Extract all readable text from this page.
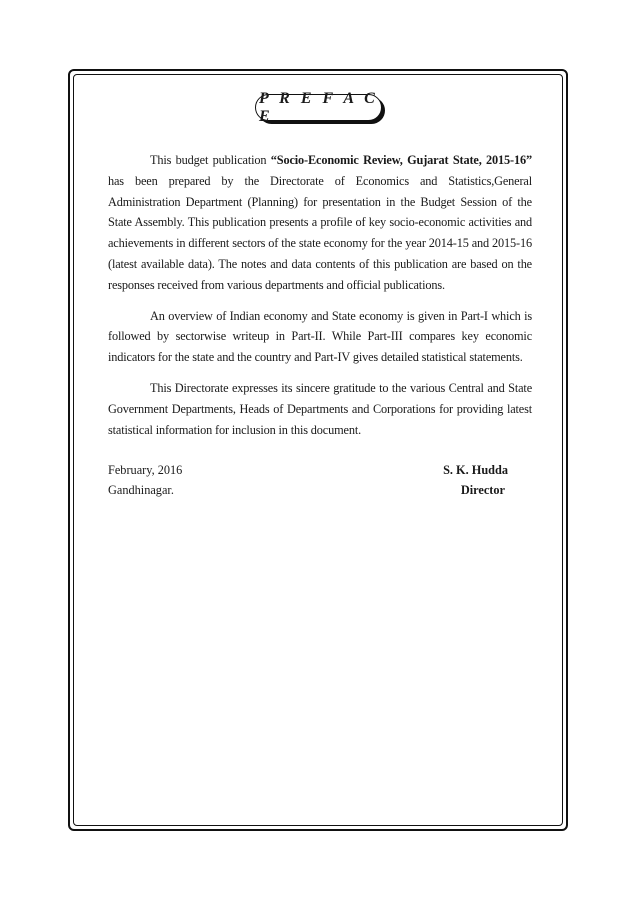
P R E F A C E

This budget publication “Socio-Economic Review, Gujarat State, 2015-16” has been prepared by the Directorate of Economics and Statistics,General Administration Department (Planning) for presentation in the Budget Session of the State Assembly. This publication presents a profile of key socio-economic activities and achievements in different sectors of the state economy for the year 2014-15 and 2015-16 (latest available data). The notes and data contents of this publication are based on the responses received from various departments and official publications.

An overview of Indian economy and State economy is given in Part-I which is followed by sectorwise writeup in Part-II. While Part-III compares key economic indicators for the state and the country and Part-IV gives detailed statistical statements.

This Directorate expresses its sincere gratitude to the various Central and State Government Departments, Heads of Departments and Corporations for providing latest statistical information for inclusion in this document.

February, 2016	S. K. Hudda
Gandhinagar.	Director
